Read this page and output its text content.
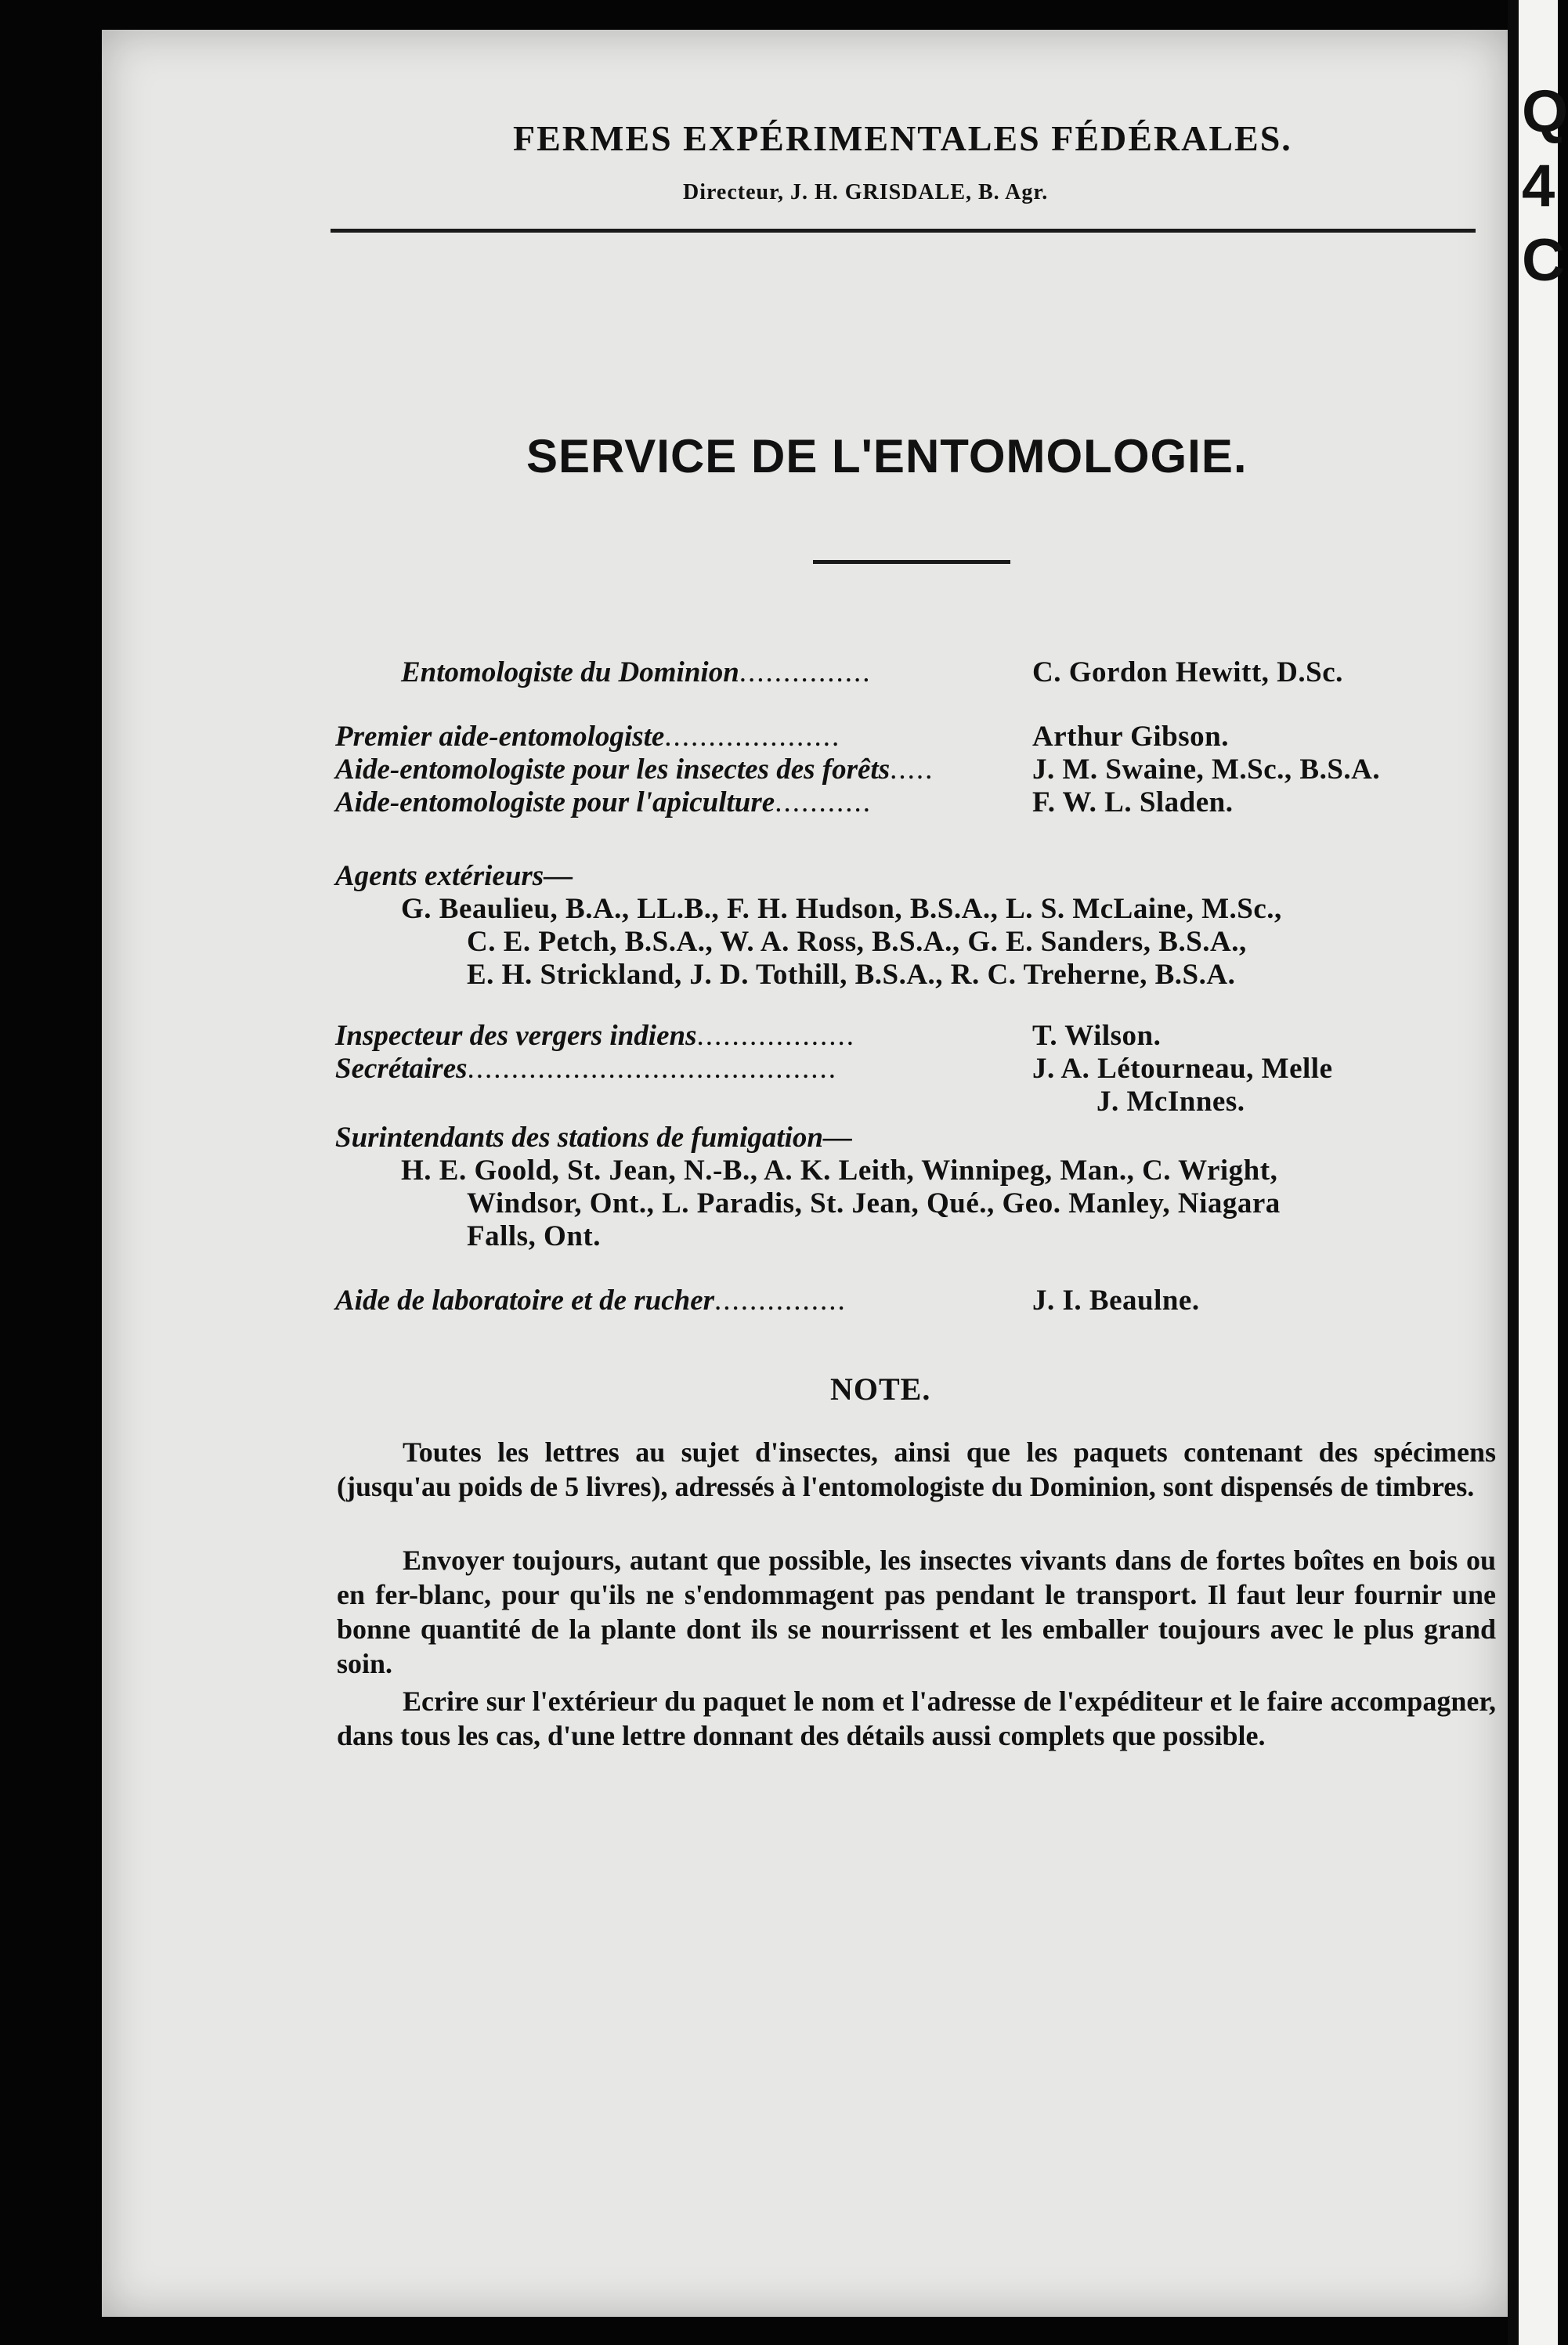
Q
4
C
FERMES EXPÉRIMENTALES FÉDÉRALES.
Directeur, J. H. GRISDALE, B. Agr.
SERVICE DE L'ENTOMOLOGIE.
Entomologiste du Dominion...............	C. Gordon Hewitt, D.Sc.
Premier aide-entomologiste....................	Arthur Gibson.
Aide-entomologiste pour les insectes des forêts.....	J. M. Swaine, M.Sc., B.S.A.
Aide-entomologiste pour l'apiculture...........	F. W. L. Sladen.
Agents extérieurs—
G. Beaulieu, B.A., LL.B., F. H. Hudson, B.S.A., L. S. McLaine, M.Sc.,
C. E. Petch, B.S.A., W. A. Ross, B.S.A., G. E. Sanders, B.S.A.,
E. H. Strickland, J. D. Tothill, B.S.A., R. C. Treherne, B.S.A.
Inspecteur des vergers indiens..................	T. Wilson.
Secrétaires..........................................	J. A. Létourneau, Melle
J. McInnes.
Surintendants des stations de fumigation—
H. E. Goold, St. Jean, N.-B., A. K. Leith, Winnipeg, Man., C. Wright,
Windsor, Ont., L. Paradis, St. Jean, Qué., Geo. Manley, Niagara
Falls, Ont.
Aide de laboratoire et de rucher...............	J. I. Beaulne.
NOTE.
Toutes les lettres au sujet d'insectes, ainsi que les paquets contenant des spécimens (jusqu'au poids de 5 livres), adressés à l'entomologiste du Dominion, sont dispensés de timbres.
Envoyer toujours, autant que possible, les insectes vivants dans de fortes boîtes en bois ou en fer-blanc, pour qu'ils ne s'endommagent pas pendant le transport. Il faut leur fournir une bonne quantité de la plante dont ils se nourrissent et les emballer toujours avec le plus grand soin.
Ecrire sur l'extérieur du paquet le nom et l'adresse de l'expéditeur et le faire accompagner, dans tous les cas, d'une lettre donnant des détails aussi complets que possible.
